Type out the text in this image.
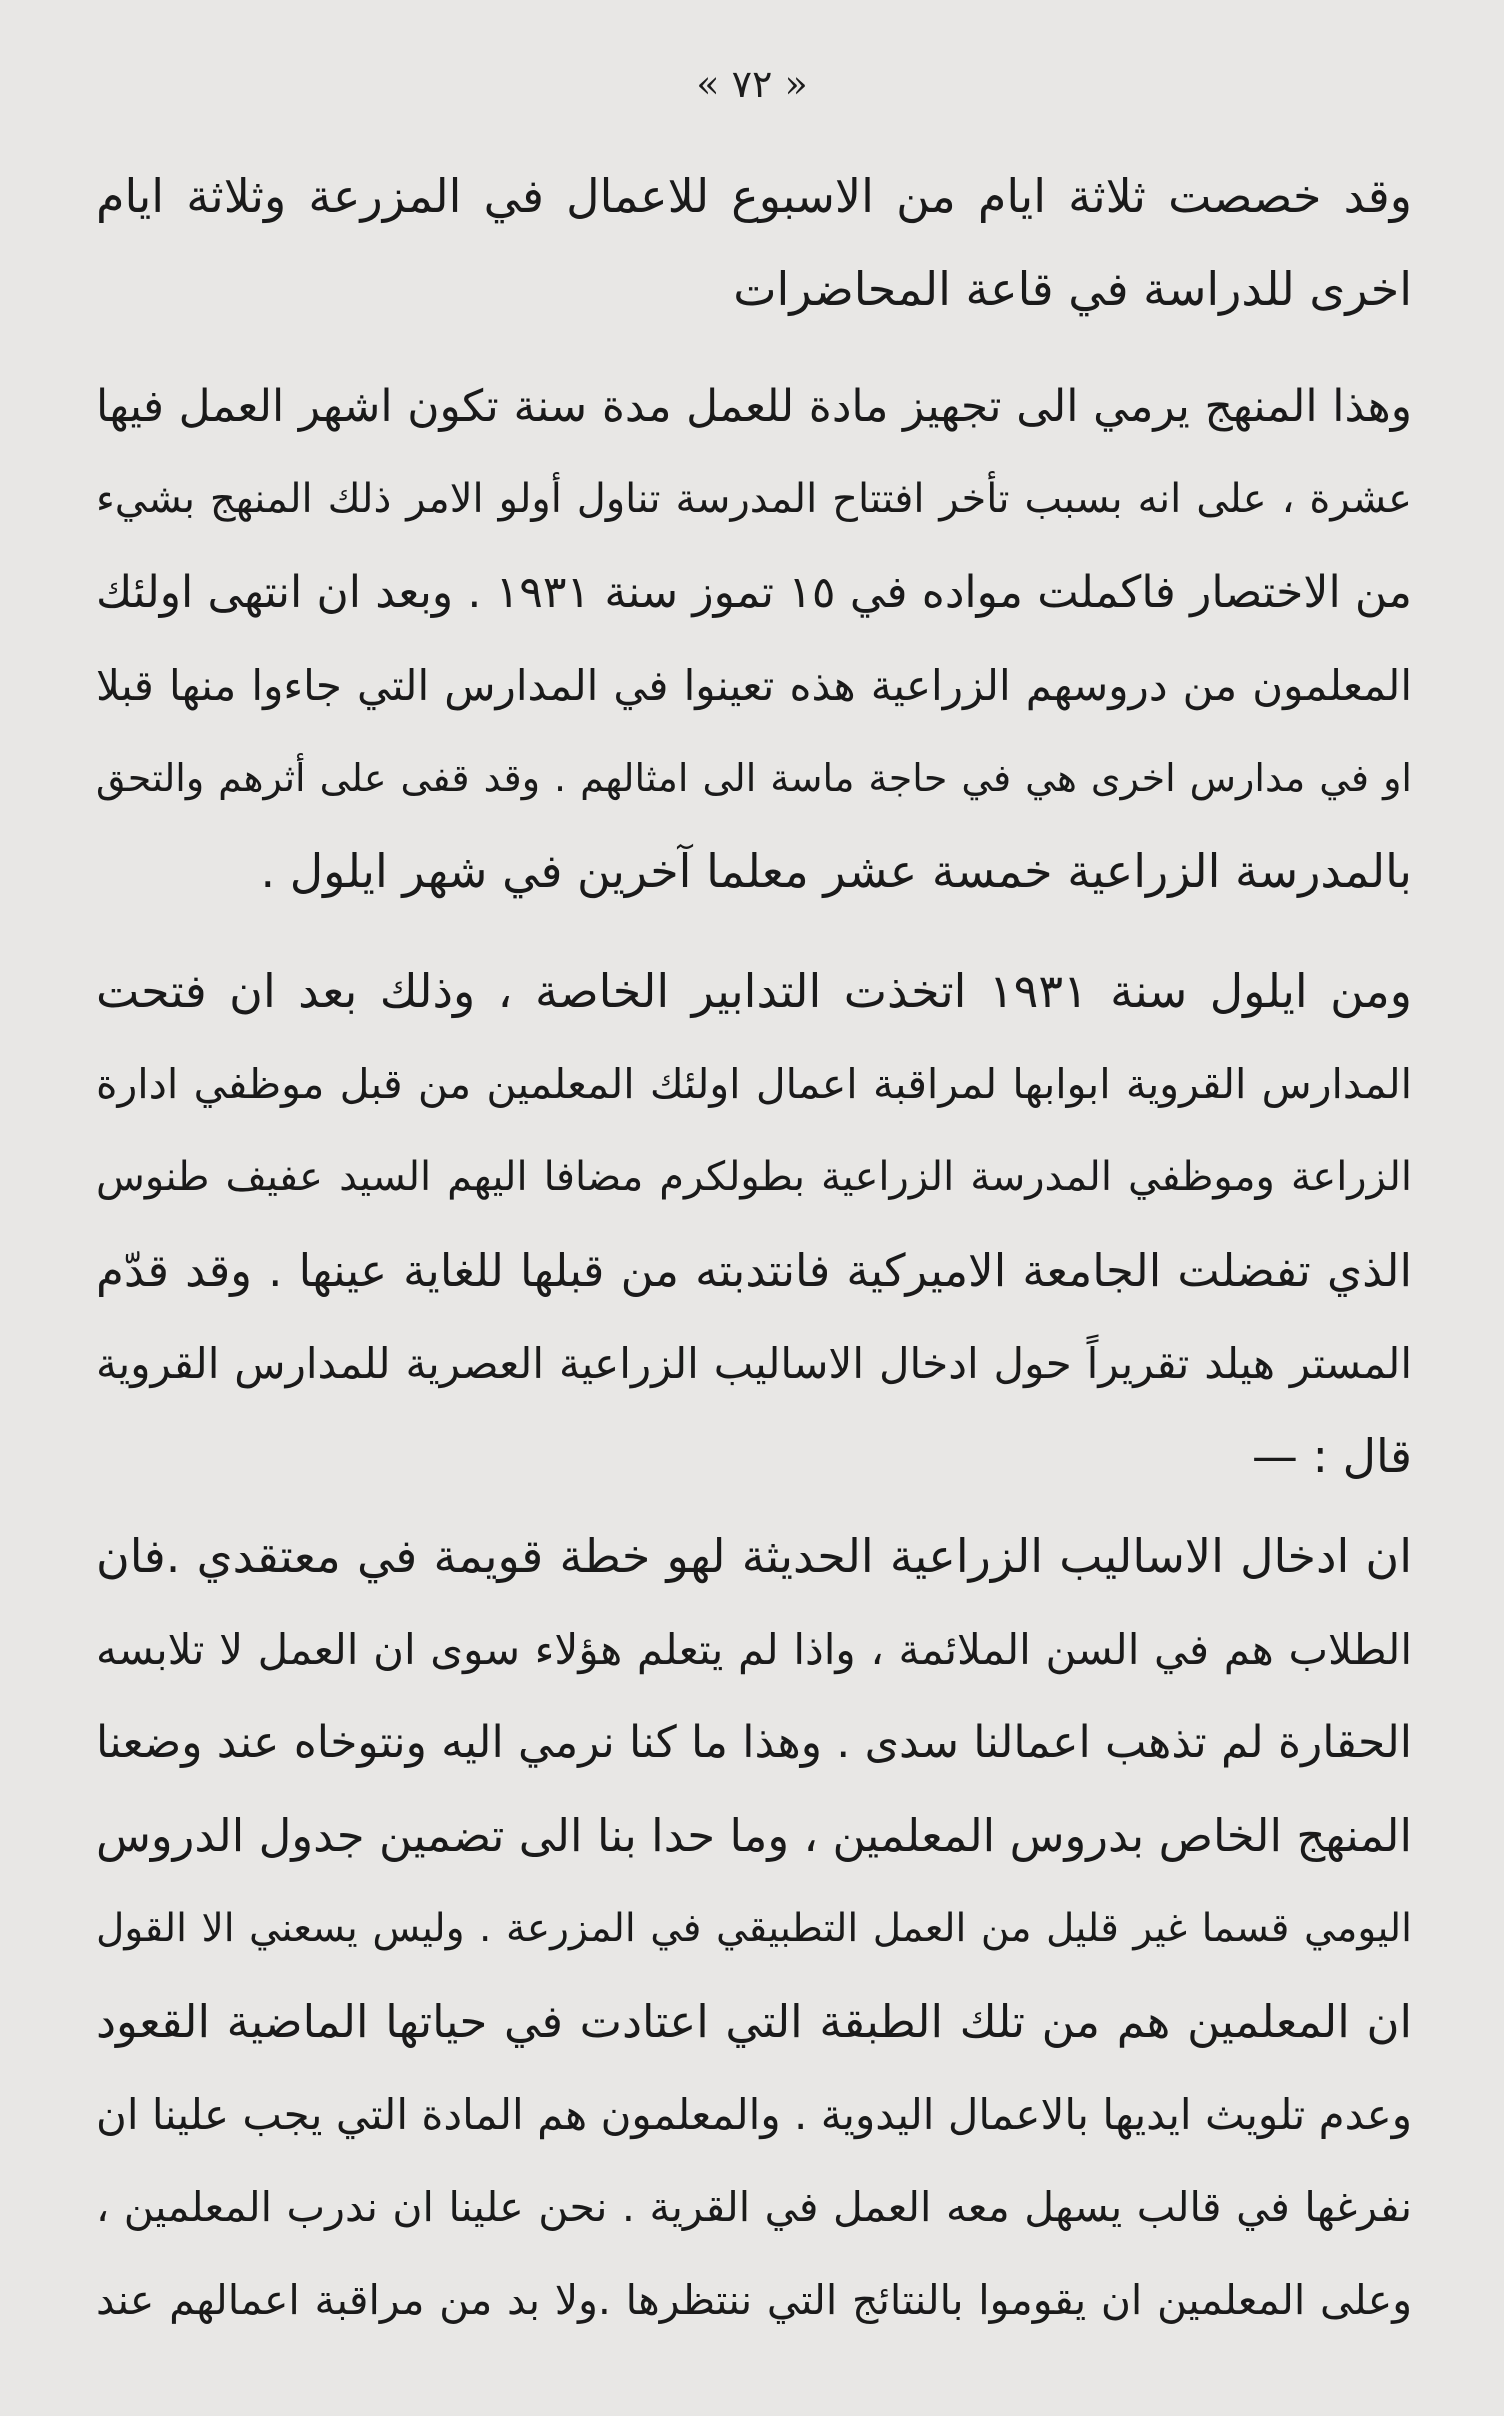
« ٧٢ »
وقد خصصت ثلاثة ايام من الاسبوع للاعمال في المزرعة وثلاثة ايام
اخرى للدراسة في قاعة المحاضرات
وهذا المنهج يرمي الى تجهيز مادة للعمل مدة سنة تكون اشهر العمل فيها
عشرة ، على انه بسبب تأخر افتتاح المدرسة تناول أولو الامر ذلك المنهج بشيء
من الاختصار فاكملت مواده في ١٥ تموز سنة ١٩٣١ . وبعد ان انتهى اولئك
المعلمون من دروسهم الزراعية هذه تعينوا في المدارس التي جاءوا منها قبلا
او في مدارس اخرى هي في حاجة ماسة الى امثالهم . وقد قفى على أثرهم والتحق
بالمدرسة الزراعية خمسة عشر معلما آخرين في شهر ايلول .
ومن ايلول سنة ١٩٣١ اتخذت التدابير الخاصة ، وذلك بعد ان فتحت
المدارس القروية ابوابها لمراقبة اعمال اولئك المعلمين من قبل موظفي ادارة
الزراعة وموظفي المدرسة الزراعية بطولكرم مضافا اليهم السيد عفيف طنوس
الذي تفضلت الجامعة الاميركية فانتدبته من قبلها للغاية عينها . وقد قدّم
المستر هيلد تقريراً حول ادخال الاساليب الزراعية العصرية للمدارس القروية
قال : —
ان ادخال الاساليب الزراعية الحديثة لهو خطة قويمة في معتقدي .فان
الطلاب هم في السن الملائمة ، واذا لم يتعلم هؤلاء سوى ان العمل لا تلابسه
الحقارة لم تذهب اعمالنا سدى . وهذا ما كنا نرمي اليه ونتوخاه عند وضعنا
المنهج الخاص بدروس المعلمين ، وما حدا بنا الى تضمين جدول الدروس
اليومي قسما غير قليل من العمل التطبيقي في المزرعة . وليس يسعني الا القول
ان المعلمين هم من تلك الطبقة التي اعتادت في حياتها الماضية القعود
وعدم تلويث ايديها بالاعمال اليدوية . والمعلمون هم المادة التي يجب علينا ان
نفرغها في قالب يسهل معه العمل في القرية . نحن علينا ان ندرب المعلمين ،
وعلى المعلمين ان يقوموا بالنتائج التي ننتظرها .ولا بد من مراقبة اعمالهم عند
